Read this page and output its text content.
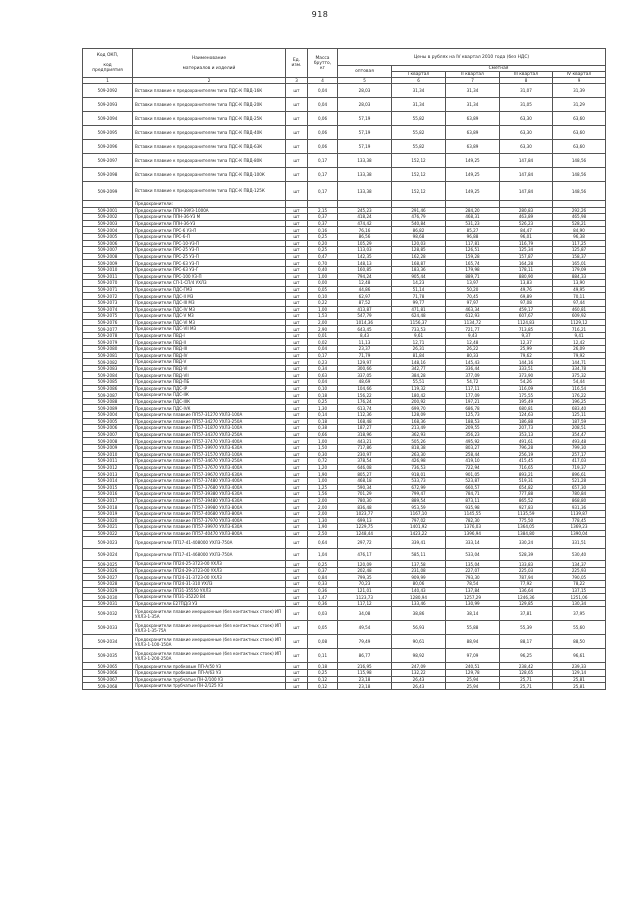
918
Код ОКП,

код
предприятия	Наименование

материалов и изделий	Ед.
изм.	Масса
брутто,
кг	Цены в рублях на IV квартал 2010 года (без НДС)				
				оптовая	Сметная			
					I квартал	II квартал	III квартал	IV квартал
1	2	3	4	5	6	7	8	9
509-2092	Вставки плавкие к предохранителям типа ПДС-К ПВД-16К	шт	0,04	28,03	31,34	31,34	31,07	31,39
509-2093	Вставки плавкие к предохранителям типа ПДС-К ПВД-20К	шт	0,04	28,03	31,34	31,34	31,05	31,29
509-2094	Вставки плавкие к предохранителям типа ПДС-К ПВД-25К	шт	0,06	57,19	55,82	63,89	63,30	63,60
509-2095	Вставки плавкие к предохранителям типа ПДС-К ПВД-40К	шт	0,06	57,19	55,82	63,89	63,30	63,60
509-2096	Вставки плавкие к предохранителям типа ПДС-К ПВД-63К	шт	0,06	57,19	55,82	63,89	63,30	63,60
509-2097	Вставки плавкие к предохранителям типа ПДС-К ПВД-80К	шт	0,17	133,38	152,12	149,25	147,84	148,56
509-2098	Вставки плавкие к предохранителям типа ПДС-К ПВД-100К	шт	0,17	133,38	152,12	149,25	147,84	148,56
509-2099	Вставки плавкие к предохранителям типа ПДС-К ПВД-125К	шт	0,17	133,38	152,12	149,25	147,84	148,56
	Предохранители:							
509-2001	Предохранители ППН-39У3-1000А	шт	2,15	245,23	291,46	284,20	280,83	292,26
509-2002	Предохранители ППН-36-У3 М	шт	0,37	418,24	476,79	468,31	463,89	465,98
509-2003	Предохранители ППН-36-У3	шт	0,37	474,42	540,84	531,23	526,23	528,21
509-2004	Предохранители ПРС-6 У3-П	шт	0,16	76,16	86,82	85,27	84,47	84,90
509-2005	Предохранители ПРС-6-П	шт	0,25	86,56	98,68	96,88	96,01	96,38
509-2006	Предохранители ПРС-10-У3-П	шт	0,20	105,29	120,03	117,81	116,79	117,25
509-2007	Предохранители ПРС-25 У3-П	шт	0,25	113,03	128,85	126,51	125,34	125,87
509-2008	Предохранители ПРС-25 У3-П	шт	0,47	142,35	162,28	159,28	157,87	158,37
509-2009	Предохранители ПРС-63 У3-П	шт	0,70	148,13	168,87	165,74	164,28	165,01
509-2010	Предохранители ПРС-63 У3-Г	шт	0,40	160,85	183,36	179,98	178,11	179,09
509-2011	Предохранители ПРС-100 У3-П	шт	1,00	794,24	905,44	889,71	880,90	884,33
509-2070	Предохранители СП-1-СП/4 УХЛ3	шт	0,00	12,48	14,23	13,97	13,83	13,90
509-2071	Предохранители ПДС-ГМ3	шт	0,05	44,86	51,14	50,20	49,76	49,95
509-2072	Предохранители ПДС-II М3	шт	0,10	62,97	71,78	70,45	69,89	70,11
509-2073	Предохранители ПДС-III М3	шт	0,22	87,52	99,77	97,97	97,08	97,44
509-2074	Предохранители ПДС-IV М3	шт	1,00	413,87	471,81	463,34	459,17	460,81
509-2075	Предохранители ПДС-V М3	шт	1,53	547,79	624,48	612,93	607,67	609,92
509-2076	Предохранители ПДС-VI М3	шт	2,00	1014,36	1156,37	1134,72	1124,83	1129,12
509-2077	Предохранители ПДС-VII М3	шт	2,90	643,45	733,53	721,77	713,85	716,21
509-2078	Предохранители ПВД-I	шт	0,01	8,43	9,61	9,43	9,37	9,41
509-2079	Предохранители ПВД-II	шт	0,02	11,13	12,71	12,48	12,37	12,42
509-2080	Предохранители ПВД-III	шт	0,04	23,37	26,31	26,22	25,99	26,09
509-2081	Предохранители ПВД-IV	шт	0,17	71,79	81,84	80,33	79,62	79,92
509-2082	Предохранители ПВД-V	шт	0,23	129,97	148,16	145,43	144,16	144,71
509-2083	Предохранители ПВД-VI	шт	0,34	300,66	342,77	336,44	333,51	334,78
509-2084	Предохранители ПВД-VII	шт	0,63	337,05	384,28	377,09	373,90	375,32
509-2085	Предохранители ПВД-ПБ	шт	0,04	48,69	55,51	54,72	54,26	54,44
509-2086	Предохранители ПДС-IР	шт	0,10	104,66	119,32	117,11	116,09	116,54
509-2087	Предохранители ПДС-IIК	шт	0,18	156,22	180,42	177,09	175,55	176,22
509-2088	Предохранители ПДС-IIIК	шт	0,25	176,24	200,92	197,21	195,49	196,25
509-2089	Предохранители ПДС-IVК	шт	1,30	613,74	699,70	686,78	680,81	683,40
509-2004	Предохранители плавкие ПП57-31270 УХЛ3-100А	шт	0,14	112,36	128,09	125,73	124,63	125,11
509-2005	Предохранители плавкие ПП57-34270 УХЛ3-250А	шт	0,18	168,48	168,36	188,53	186,88	187,59
509-2006	Предохранители плавкие ПП57-31870 УХЛ3-100А	шт	0,38	187,27	213,49	209,55	207,73	208,51
509-2007	Предохранители плавкие ПП57-34370 УХЛ3-250А	шт	0,66	318,96	362,93	356,23	353,13	354,47
509-2008	Предохранители плавкие ПП57-37470 УХЛ3-400А	шт	1,00	443,21	505,26	495,92	491,61	493,48
509-2009	Предохранители плавкие ПП57-39970 УХЛ3-630А	шт	1,50	717,86	818,38	803,27	796,28	799,30
509-2010	Предохранители плавкие ПП57-31570 УХЛ3-100А	шт	0,30	230,97	263,30	258,44	256,19	257,17
509-2011	Предохранители плавкие ПП57-34670 УХЛ3-250А	шт	0,72	378,54	426,98	419,10	415,45	417,03
509-2012	Предохранители плавкие ПП57-37670 УХЛ3-400А	шт	1,20	646,08	736,53	722,94	716,65	719,37
509-2013	Предохранители плавкие ПП57-39670 УХЛ3-630А	шт	1,90	805,27	918,01	901,05	893,21	896,61
509-2014	Предохранители плавкие ПП57-37480 УХЛ3-400А	шт	1,00	468,18	533,73	523,87	519,31	521,28
509-2015	Предохранители плавкие ПП57-37680 УХЛ3-400А	шт	1,25	590,34	672,99	660,57	654,82	657,30
509-2016	Предохранители плавкие ПП57-39380 УХЛ3-630А	шт	1,56	701,29	799,47	784,71	777,88	780,84
509-2017	Предохранители плавкие ПП57-39480 УХЛ3-630А	шт	2,00	780,30	889,54	873,11	865,52	868,80
509-2018	Предохранители плавкие ПП57-39980 УХЛ3-800А	шт	2,00	836,48	953,59	935,98	927,83	931,36
509-2019	Предохранители плавкие ПП57-40680 УХЛ3-800А	шт	2,00	1023,77	1167,10	1145,55	1135,59	1139,87
509-2020	Предохранители плавкие ПП57-37970 УХЛ3-400А	шт	1,30	699,13	797,02	782,30	775,50	778,45
509-2021	Предохранители плавкие ПП57-39970 УХЛ3-630А	шт	1,90	1229,75	1401,92	1376,03	1364,05	1369,23
509-2022	Предохранители плавкие ПП57-40470 УХЛ3-800А	шт	2,50	1248,44	1423,22	1396,94	1384,80	1390,04
509-2023	Предохранители ПП17-41-408000 УХЛ3-750А	шт	0,64	297,72	339,41	333,14	330,24	331,51
509-2024	Предохранители ПП17-41-468000 УХЛ3-750А	шт	1,04	476,17	585,11	533,04	528,39	530,40
509-2025	Предохранители ПП24-25-3723-00 УХЛ3	шт	0,25	120,09	137,58	135,04	133,83	134,37
509-2026	Предохранители ПП24-29-3723-00 УХЛ3	шт	0,37	202,48	231,08	227,07	225,03	225,93
509-2027	Предохранители ПП24-31-3723-00 УХЛ3	шт	0,84	799,35	909,99	793,30	787,94	790,05
509-2028	Предохранители ПП24-31-310 УХЛ3	шт	0,33	70,23	80,06	78,54	77,92	78,22
509-2029	Предохранители ПП31-35550 УХЛ3	шт	0,36	121,01	140,43	137,84	136,64	137,15
509-2030	Предохранители ПП31-35220 В4	шт	1,47	1123,73	1280,94	1257,29	1246,36	1251,06
509-2031	Предохранители Е27ПД/3 У3	шт	0,36	117,12	133,46	130,99	129,85	130,34
509-2032	Предохранители плавкие инерционные (без контактных стоек) ИП УХЛ3-1-35А	шт	0,03	34,08	38,86	38,14	37,81	37,95
509-2033	Предохранители плавкие инерционные (без контактных стоек) ИП УХЛ3-1-35-75А	шт	0,05	49,54	56,93	55,88	55,39	55,60
509-2034	Предохранители плавкие инерционные (без контактных стоек) ИП УХЛ3-1-100-150А	шт	0,08	79,49	90,61	88,94	88,17	88,50
509-2035	Предохранители плавкие инерционные (без контактных стоек) ИП УХЛ3-1-200-250А	шт	0,11	86,77	98,92	97,09	96,25	96,61
509-2065	Предохранители пробковые ПП-А/50 У3	шт	0,18	216,95	247,09	240,51	238,42	239,33
509-2066	Предохранители пробковые ПП-А/63 У3	шт	0,25	115,98	132,22	129,78	128,65	129,14
509-2067	Предохранители трубчатые ПН-2/100 У3	шт	0,12	23,18	26,43	25,94	25,71	25,81
509-2068	Предохранители трубчатые ПН-2/125 У3	шт	0,12	23,18	26,43	25,94	25,71	25,81
